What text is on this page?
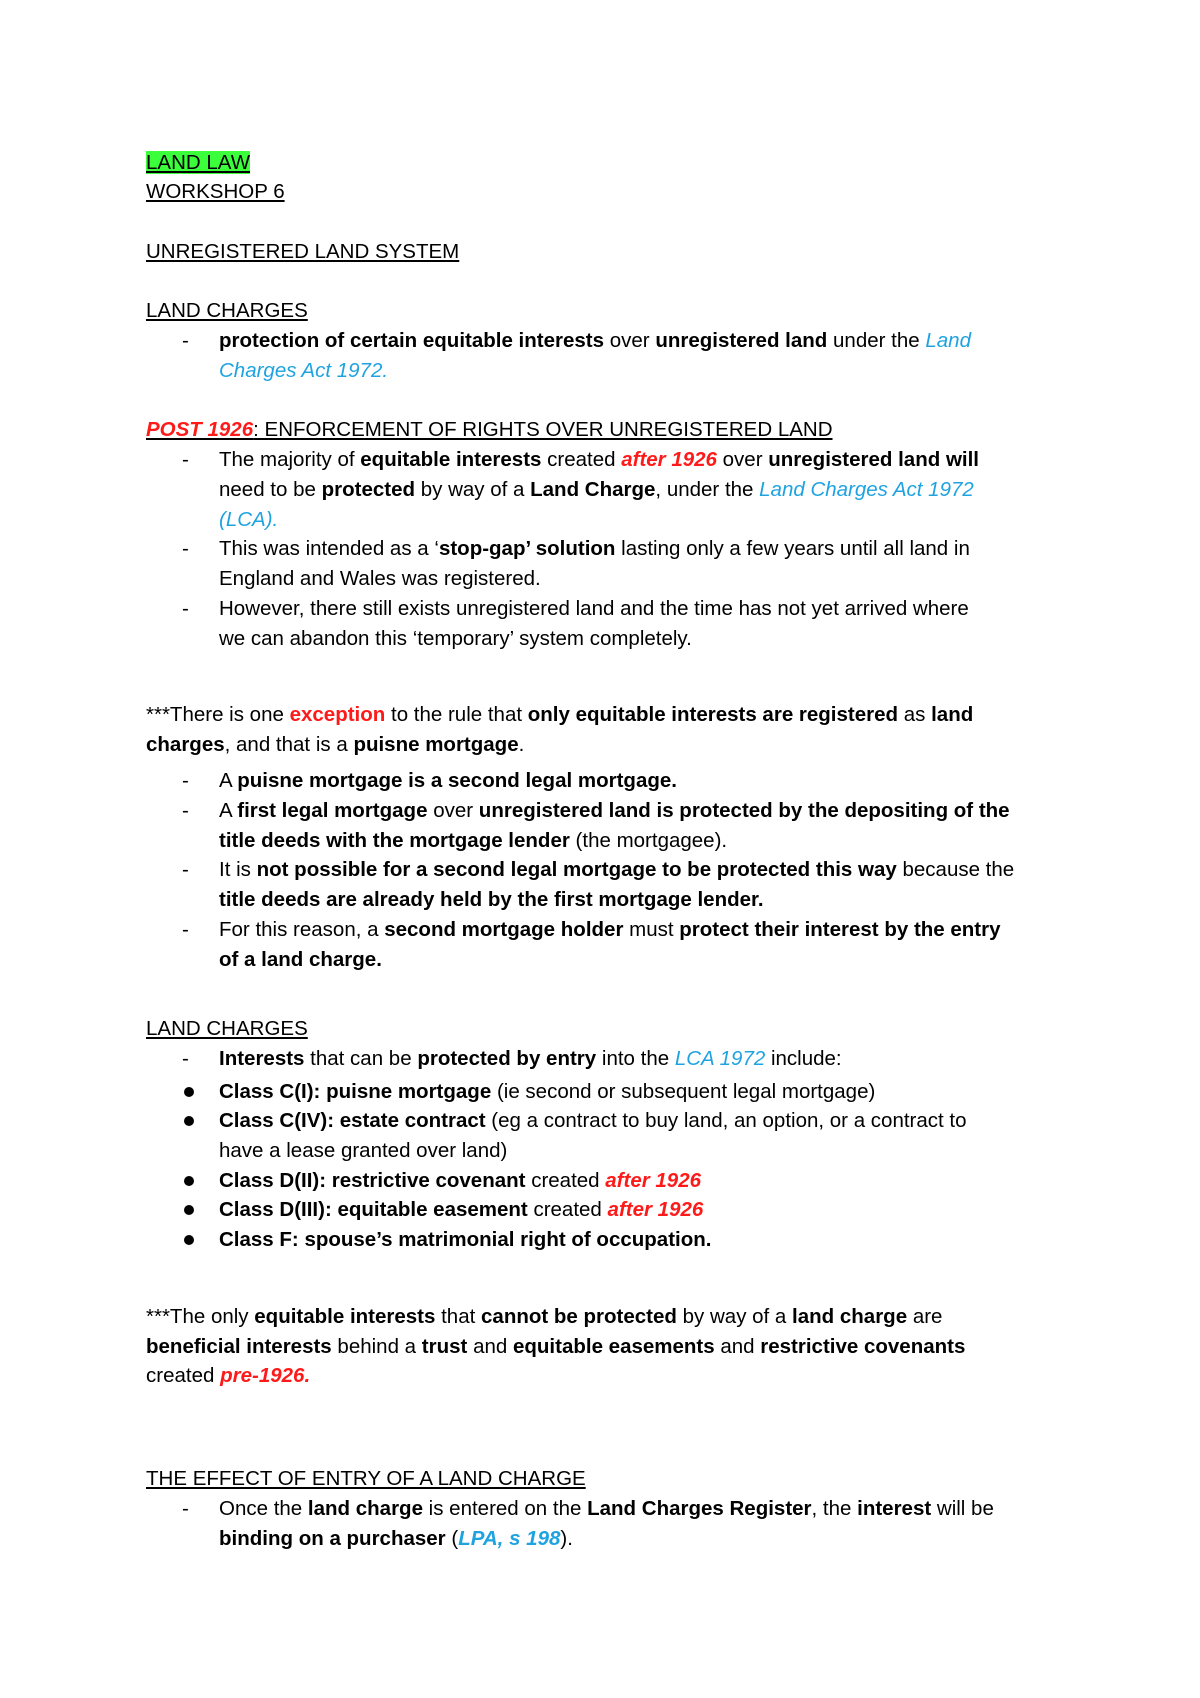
LAND LAW
WORKSHOP 6
UNREGISTERED LAND SYSTEM
LAND CHARGES
-	protection of certain equitable interests over unregistered land under the Land
Charges Act 1972.
POST 1926: ENFORCEMENT OF RIGHTS OVER UNREGISTERED LAND
-	The majority of equitable interests created after 1926 over unregistered land will
need to be protected by way of a Land Charge, under the Land Charges Act 1972
(LCA).
-	This was intended as a ‘stop-gap’ solution lasting only a few years until all land in
England and Wales was registered.
-	However, there still exists unregistered land and the time has not yet arrived where
we can abandon this ‘temporary’ system completely.
***There is one exception to the rule that only equitable interests are registered as land
charges, and that is a puisne mortgage.
-	A puisne mortgage is a second legal mortgage.
-	A first legal mortgage over unregistered land is protected by the depositing of the
title deeds with the mortgage lender (the mortgagee).
-	It is not possible for a second legal mortgage to be protected this way because the
title deeds are already held by the first mortgage lender.
-	For this reason, a second mortgage holder must protect their interest by the entry
of a land charge.
LAND CHARGES
-	Interests that can be protected by entry into the LCA 1972 include:
Class C(I): puisne mortgage (ie second or subsequent legal mortgage)
Class C(IV): estate contract (eg a contract to buy land, an option, or a contract to
have a lease granted over land)
Class D(II): restrictive covenant created after 1926
Class D(III): equitable easement created after 1926
Class F: spouse’s matrimonial right of occupation.
***The only equitable interests that cannot be protected by way of a land charge are
beneficial interests behind a trust and equitable easements and restrictive covenants
created pre-1926.
THE EFFECT OF ENTRY OF A LAND CHARGE
-	Once the land charge is entered on the Land Charges Register, the interest will be
binding on a purchaser (LPA, s 198).
